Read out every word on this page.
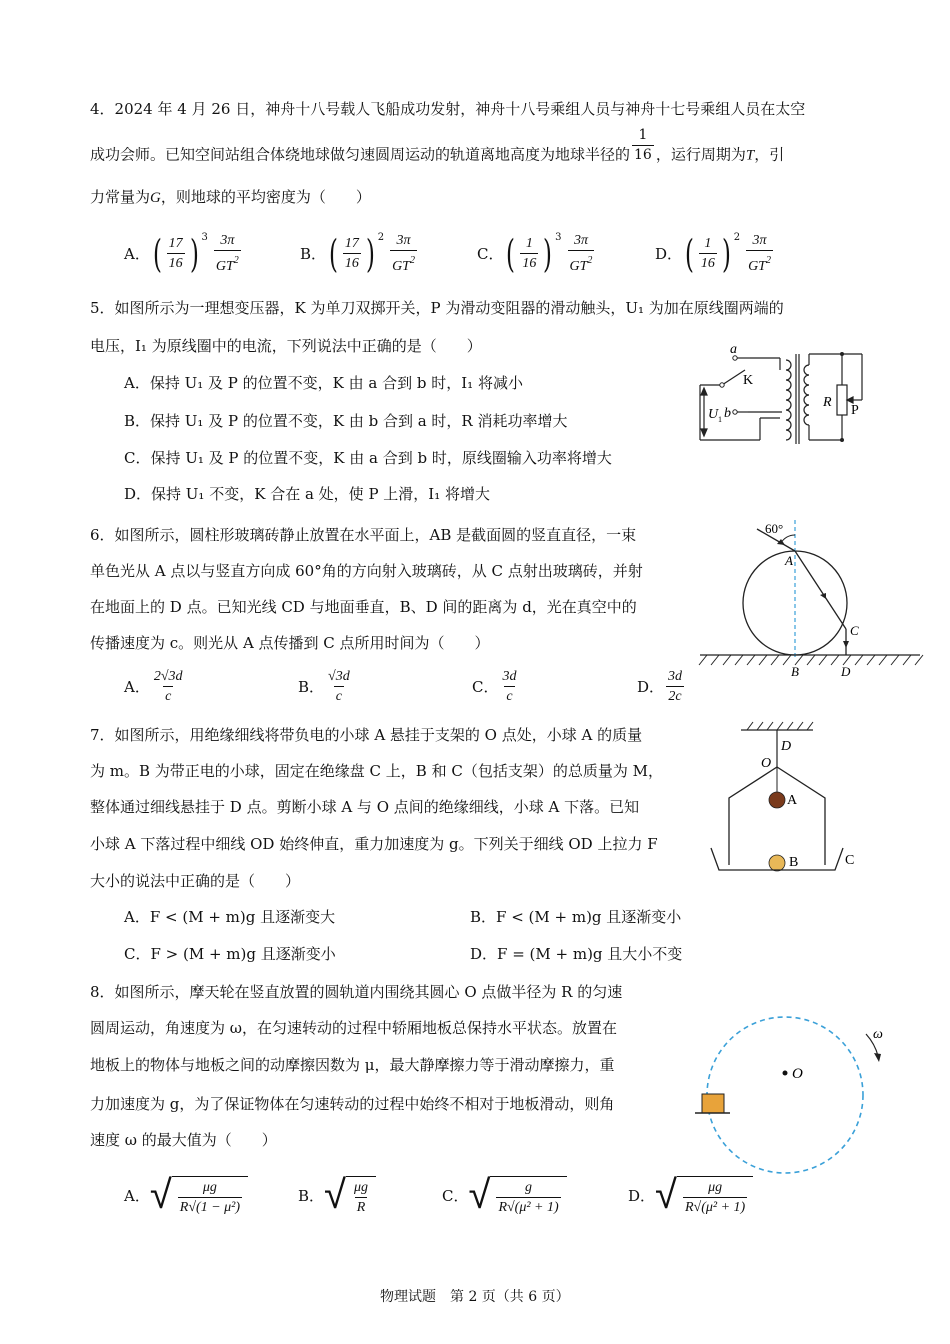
4．2024 年 4 月 26 日，神舟十八号载人飞船成功发射，神舟十八号乘组人员与神舟十七号乘组人员在太空
成功会师。已知空间站组合体绕地球做匀速圆周运动的轨道离地高度为地球半径的 $\frac{1}{16}$ ，运行周期为T，引
力常量为G，则地球的平均密度为（　　）
A． ( $\frac{17}{16}$ ) $3 \frac{3\pi}{GT^2}$	B． ( $\frac{17}{16}$ ) $2 \frac{3\pi}{GT^2}$	C． ( $\frac{1}{16}$ ) $3 \frac{3\pi}{GT^2}$	D． ( $\frac{1}{16}$ ) $2 \frac{3\pi}{GT^2}$
5．如图所示为一理想变压器，K 为单刀双掷开关，P 为滑动变阻器的滑动触头，U₁ 为加在原线圈两端的
电压，I₁ 为原线圈中的电流，下列说法中正确的是（　　）
A．保持 U₁ 及 P 的位置不变，K 由 a 合到 b 时，I₁ 将减小
B．保持 U₁ 及 P 的位置不变，K 由 b 合到 a 时，R 消耗功率增大
C．保持 U₁ 及 P 的位置不变，K 由 a 合到 b 时，原线圈输入功率将增大
D．保持 U₁ 不变，K 合在 a 处，使 P 上滑，I₁ 将增大
a
K
b
U 1
R
P
6．如图所示，圆柱形玻璃砖静止放置在水平面上，AB 是截面圆的竖直直径，一束
单色光从 A 点以与竖直方向成 60°角的方向射入玻璃砖，从 C 点射出玻璃砖，并射
在地面上的 D 点。已知光线 CD 与地面垂直，B、D 间的距离为 d，光在真空中的
传播速度为 c。则光从 A 点传播到 C 点所用时间为（　　）
A． $\frac{2√3d}{c}$	B． $\frac{√3d}{c}$	C． $\frac{3d}{c}$	D． $\frac{3d}{2c}$
60°
A
B
C
D
7．如图所示，用绝缘细线将带负电的小球 A 悬挂于支架的 O 点处，小球 A 的质量
为 m。B 为带正电的小球，固定在绝缘盘 C 上，B 和 C（包括支架）的总质量为 M，
整体通过细线悬挂于 D 点。剪断小球 A 与 O 点间的绝缘细线，小球 A 下落。已知
小球 A 下落过程中细线 OD 始终伸直，重力加速度为 g。下列关于细线 OD 上拉力 F
大小的说法中正确的是（　　）
A．F < (M + m)g 且逐渐变大	B．F < (M + m)g 且逐渐变小
C．F > (M + m)g 且逐渐变小	D．F = (M + m)g 且大小不变
D
O
A
B	C
8．如图所示，摩天轮在竖直放置的圆轨道内围绕其圆心 O 点做半径为 R 的匀速
圆周运动，角速度为 ω，在匀速转动的过程中轿厢地板总保持水平状态。放置在
地板上的物体与地板之间的动摩擦因数为 μ，最大静摩擦力等于滑动摩擦力，重
力加速度为 g，为了保证物体在匀速转动的过程中始终不相对于地板滑动，则角
速度 ω 的最大值为（　　）
A． √ $\frac{\mu g}{\text{R√(1 − μ²)}}$	B． √ $\frac{\mu g}{R}$	C． √ $\frac{g}{\text{R√(μ² + 1)}}$	D． √ $\frac{\mu g}{\text{R√(μ² + 1)}}$
O
ω
物理试题　第 2 页（共 6 页）
